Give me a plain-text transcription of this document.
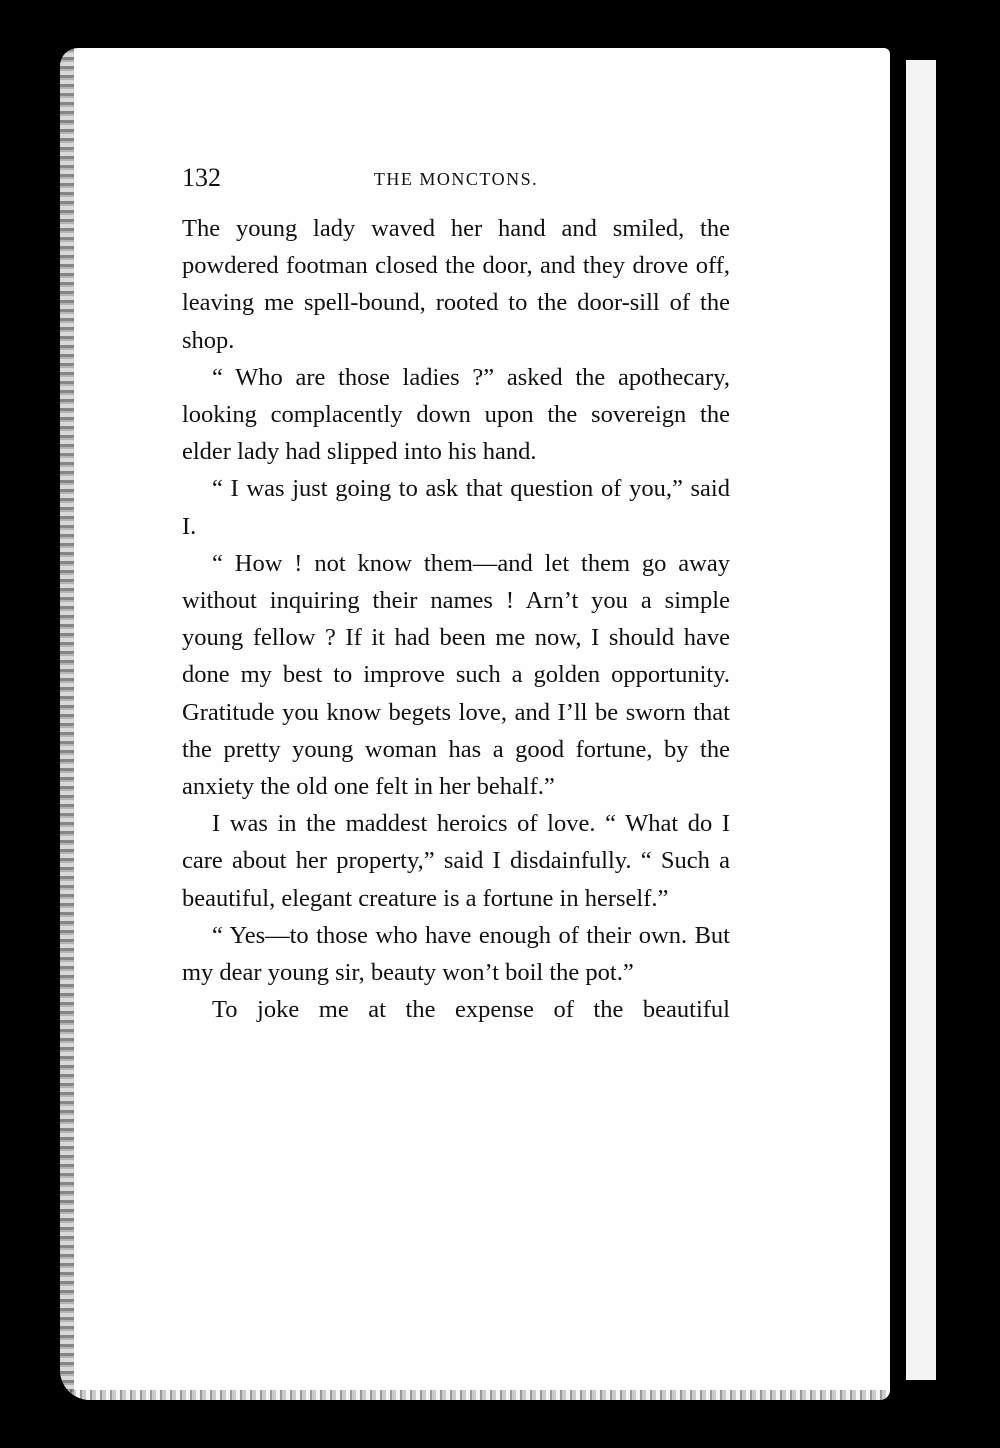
132	THE MONCTONS.

The young lady waved her hand and smiled, the powdered footman closed the door, and they drove off, leaving me spell-bound, rooted to the door-sill of the shop.

“ Who are those ladies ?” asked the apothecary, looking complacently down upon the sovereign the elder lady had slipped into his hand.

“ I was just going to ask that question of you,” said I.

“ How ! not know them—and let them go away without inquiring their names ! Arn’t you a simple young fellow ? If it had been me now, I should have done my best to improve such a golden opportunity. Gratitude you know begets love, and I’ll be sworn that the pretty young woman has a good fortune, by the anxiety the old one felt in her behalf.”

I was in the maddest heroics of love. “ What do I care about her property,” said I disdainfully. “ Such a beautiful, elegant creature is a fortune in herself.”

“ Yes—to those who have enough of their own. But my dear young sir, beauty won’t boil the pot.”

To joke me at the expense of the beautiful
